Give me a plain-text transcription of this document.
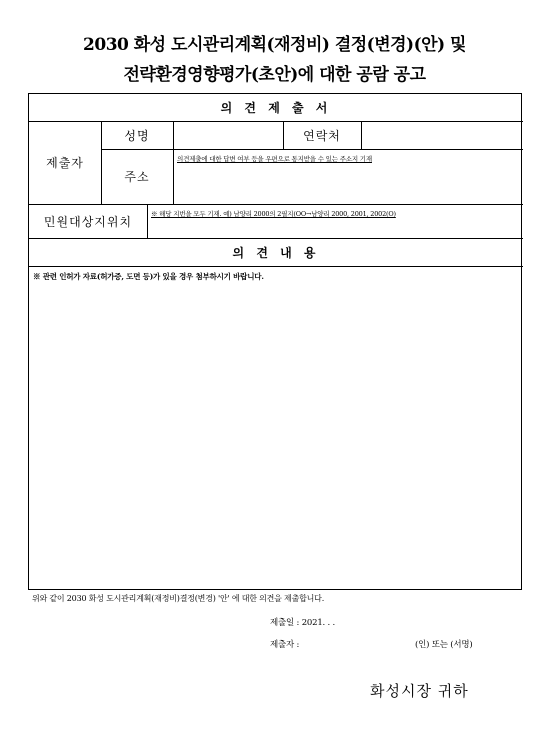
2030 화성 도시관리계획(재정비) 결정(변경)(안) 및
전략환경영향평가(초안)에 대한 공람 공고
의 견 제 출 서
제출자
성명	연락처
주소
의견제출에 대한 답변 여부 등을 우편으로 통지받을 수 있는 주소지 기재
민원대상지위치
※ 해당 지번을 모두 기재. 예) 남양리 2000의 2필지(OO→남양리 2000, 2001, 2002(O)
의 견 내 용
※ 관련 인허가 자료(허가증, 도면 등)가 있을 경우 첨부하시기 바랍니다.
위와 같이 2030 화성 도시관리계획(재정비)결정(변경) '안' 에 대한 의견을 제출합니다.
제출일 : 2021. . .
제출자 :	(인) 또는 (서명)
화성시장 귀하
